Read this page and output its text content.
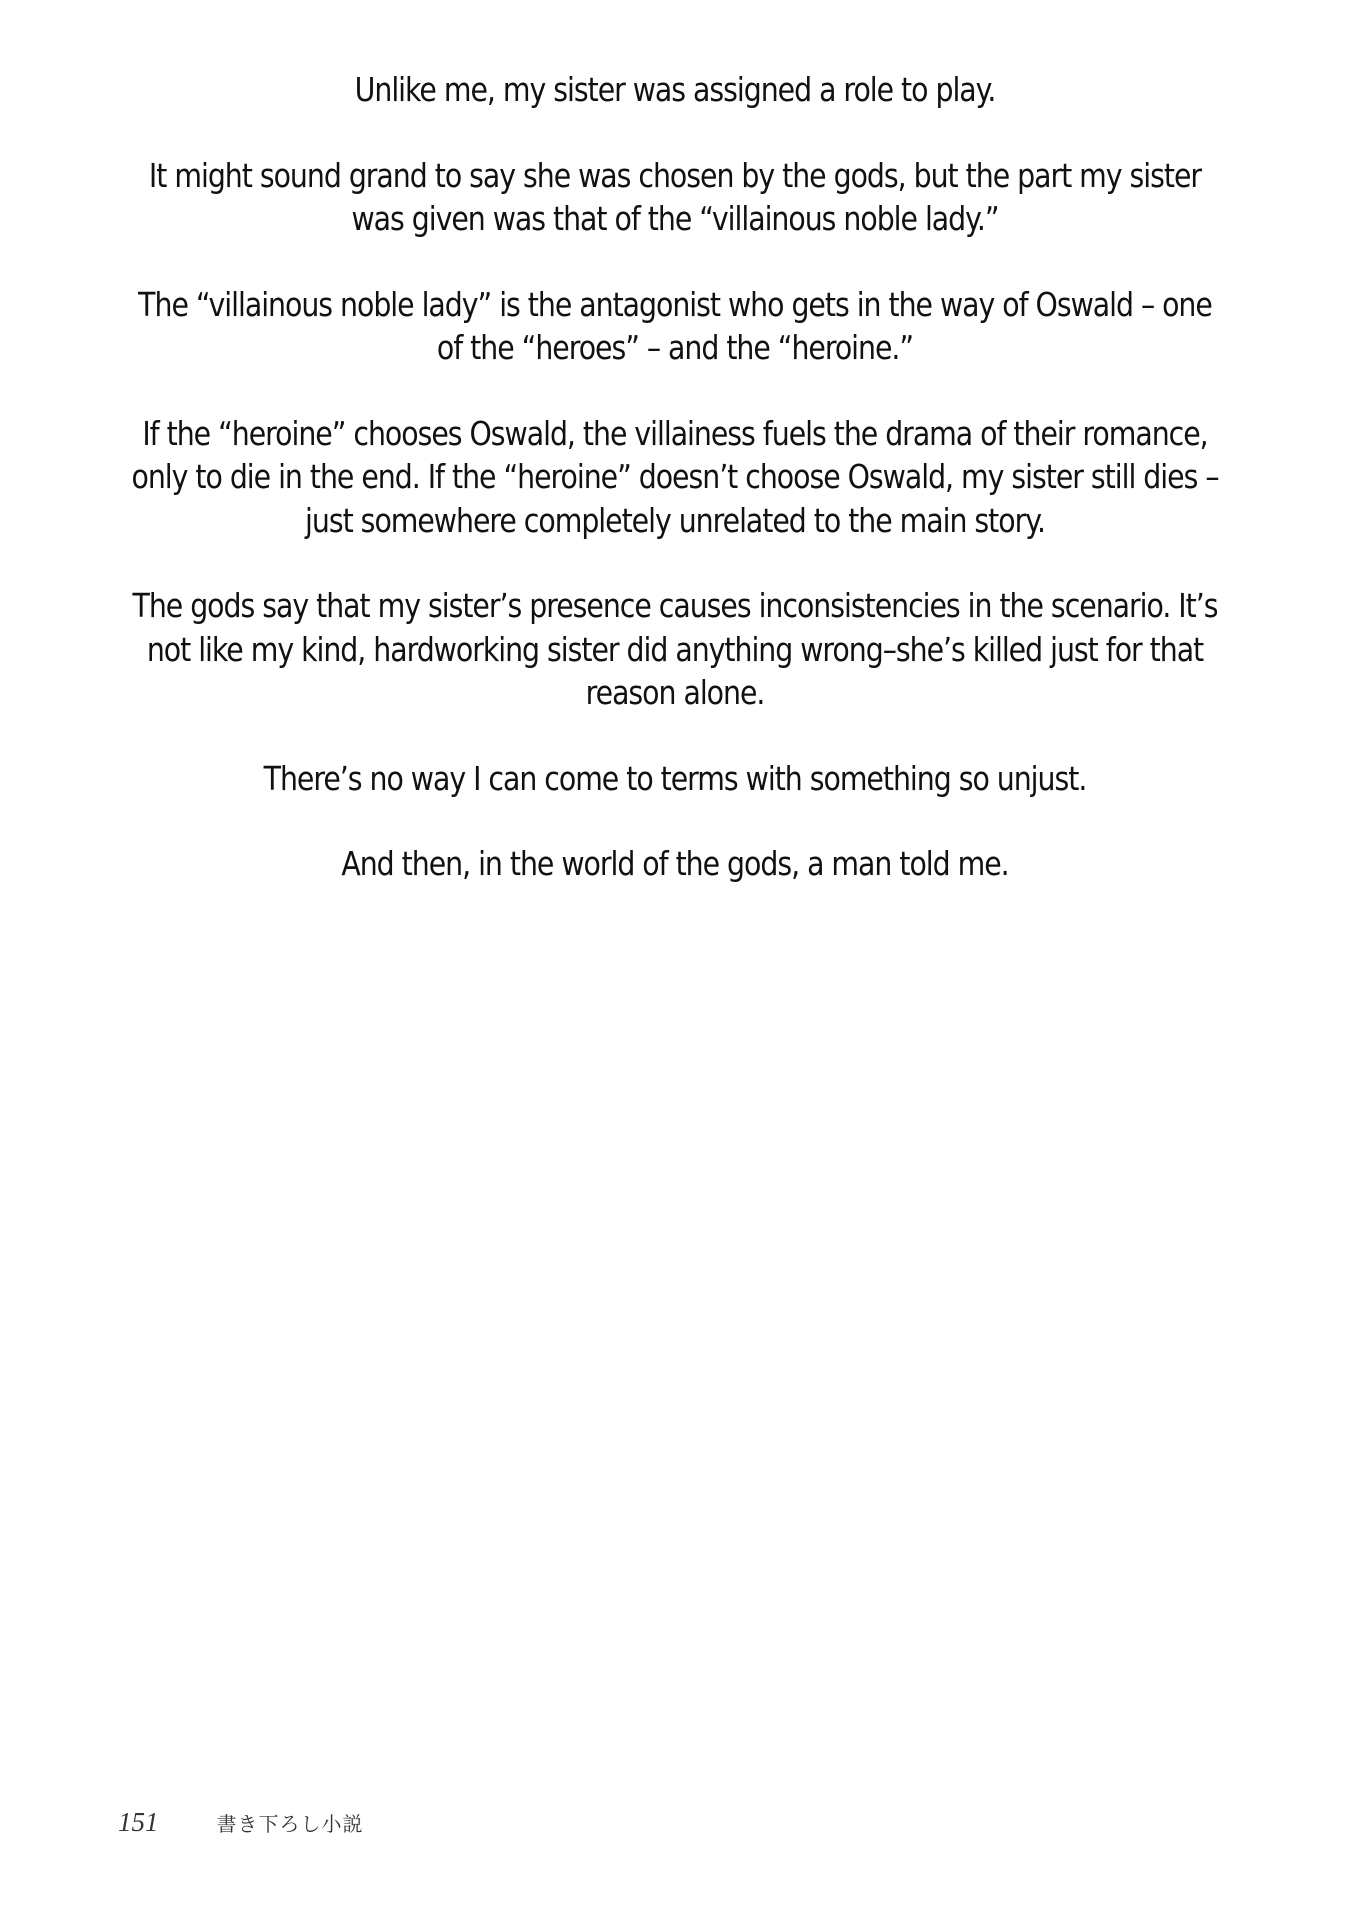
Unlike me, my sister was assigned a role to play.

It might sound grand to say she was chosen by the gods, but the part my sister was given was that of the “villainous noble lady.”

The “villainous noble lady” is the antagonist who gets in the way of Oswald – one of the “heroes” – and the “heroine.”

If the “heroine” chooses Oswald, the villainess fuels the drama of their romance, only to die in the end. If the “heroine” doesn’t choose Oswald, my sister still dies – just somewhere completely unrelated to the main story.

The gods say that my sister’s presence causes inconsistencies in the scenario. It’s not like my kind, hardworking sister did anything wrong–she’s killed just for that reason alone.

There’s no way I can come to terms with something so unjust.

And then, in the world of the gods, a man told me.

151	書き下ろし小説
